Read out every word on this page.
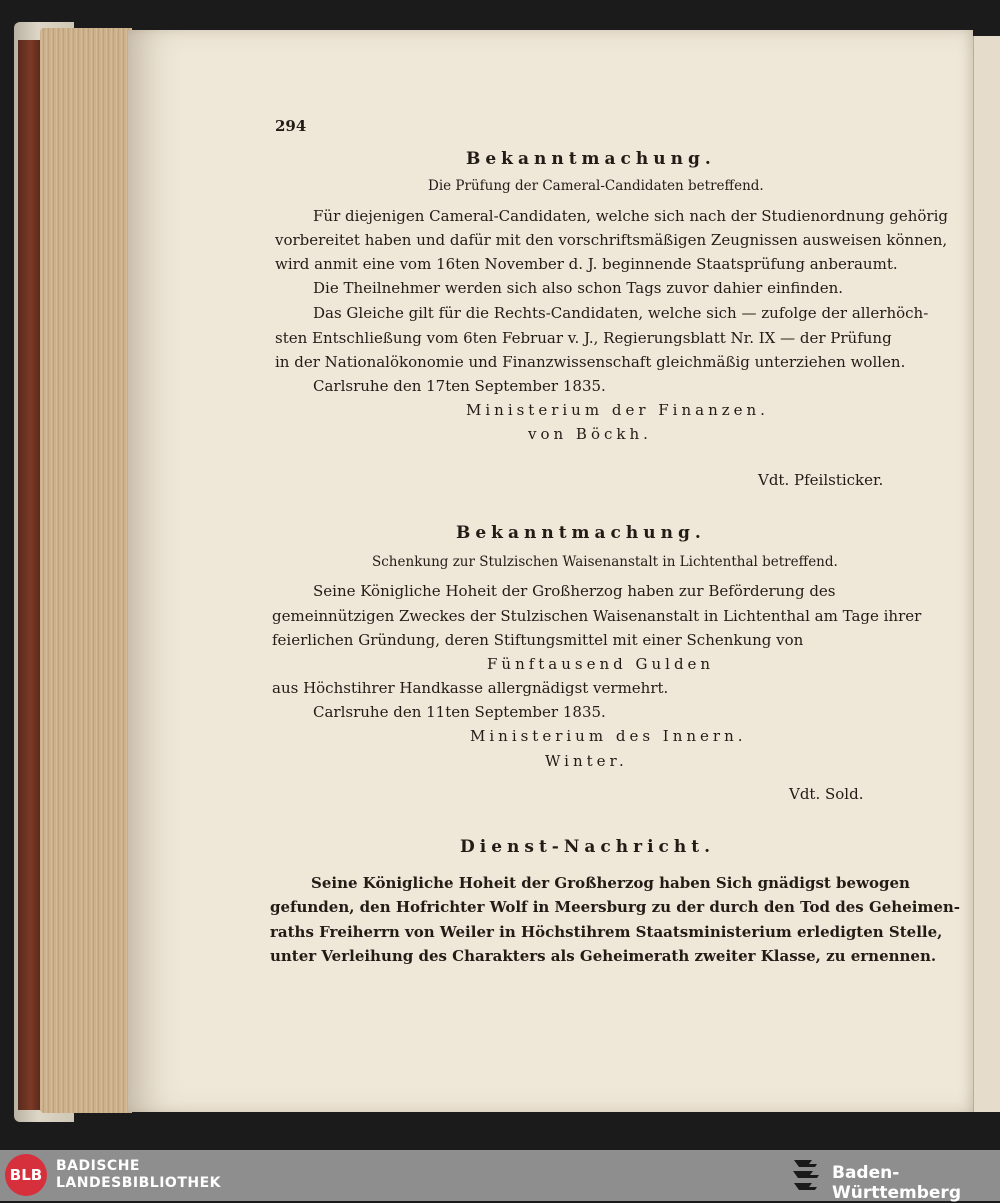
294
Bekanntmachung.
Die Prüfung der Cameral-Candidaten betreffend.
Für diejenigen Cameral-Candidaten, welche sich nach der Studienordnung gehörig
vorbereitet haben und dafür mit den vorschriftsmäßigen Zeugnissen ausweisen können,
wird anmit eine vom 16ten November d. J. beginnende Staatsprüfung anberaumt.
Die Theilnehmer werden sich also schon Tags zuvor dahier einfinden.
Das Gleiche gilt für die Rechts-Candidaten, welche sich — zufolge der allerhöch-
sten Entschließung vom 6ten Februar v. J., Regierungsblatt Nr. IX — der Prüfung
in der Nationalökonomie und Finanzwissenschaft gleichmäßig unterziehen wollen.
Carlsruhe den 17ten September 1835.
Ministerium der Finanzen.
von Böckh.
Vdt. Pfeilsticker.
Bekanntmachung.
Schenkung zur Stulzischen Waisenanstalt in Lichtenthal betreffend.
Seine Königliche Hoheit der Großherzog haben zur Beförderung des
gemeinnützigen Zweckes der Stulzischen Waisenanstalt in Lichtenthal am Tage ihrer
feierlichen Gründung, deren Stiftungsmittel mit einer Schenkung von
Fünftausend Gulden
aus Höchstihrer Handkasse allergnädigst vermehrt.
Carlsruhe den 11ten September 1835.
Ministerium des Innern.
Winter.
Vdt. Sold.
Dienst-Nachricht.
Seine Königliche Hoheit der Großherzog haben Sich gnädigst bewogen
gefunden, den Hofrichter Wolf in Meersburg zu der durch den Tod des Geheimen-
raths Freiherrn von Weiler in Höchstihrem Staatsministerium erledigten Stelle,
unter Verleihung des Charakters als Geheimerath zweiter Klasse, zu ernennen.
BLB BADISCHE
LANDESBIBLIOTHEK	Baden-Württemberg
